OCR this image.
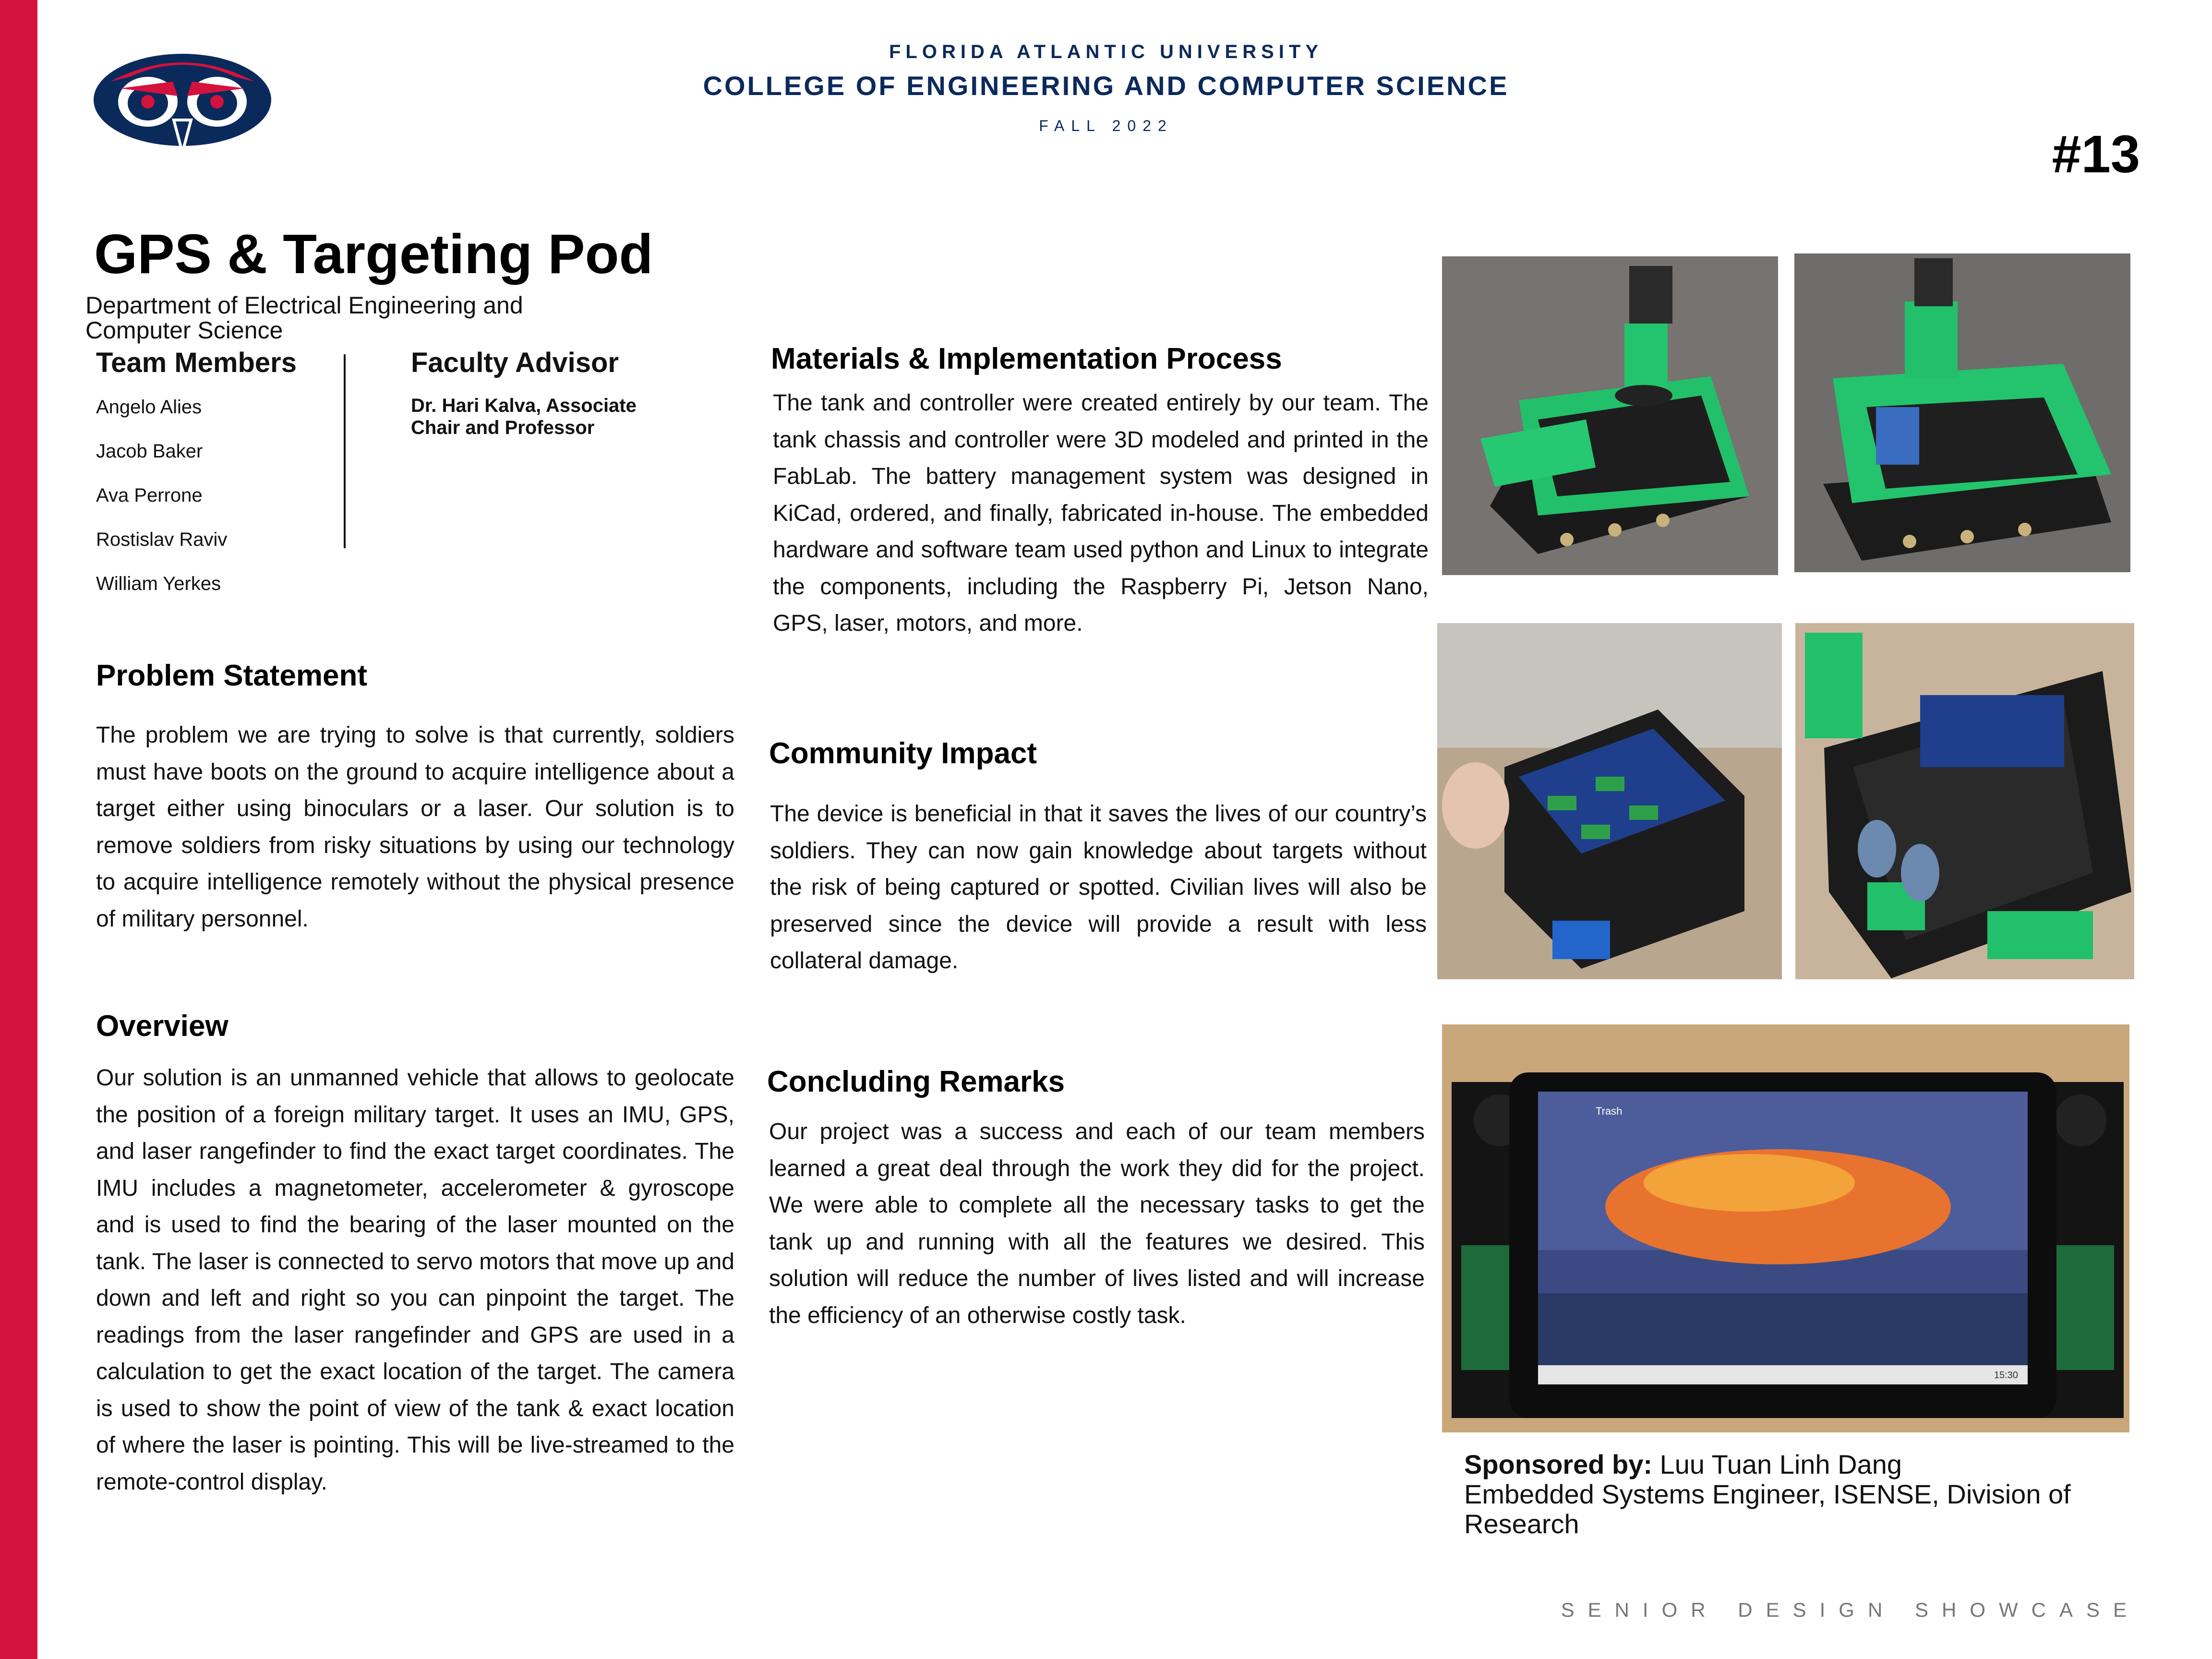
FLORIDA ATLANTIC UNIVERSITY
COLLEGE OF ENGINEERING AND COMPUTER SCIENCE
FALL 2022	#13
GPS & Targeting Pod
Department of Electrical Engineering and Computer Science
Team Members
Angelo Alies
Jacob Baker
Ava Perrone
Rostislav Raviv
William Yerkes
Faculty Advisor
Dr. Hari Kalva, Associate Chair and Professor
Problem Statement
The problem we are trying to solve is that currently, soldiers must have boots on the ground to acquire intelligence about a target either using binoculars or a laser. Our solution is to remove soldiers from risky situations by using our technology to acquire intelligence remotely without the physical presence of military personnel.
Overview
Our solution is an unmanned vehicle that allows to geolocate the position of a foreign military target. It uses an IMU, GPS, and laser rangefinder to find the exact target coordinates. The IMU includes a magnetometer, accelerometer & gyroscope and is used to find the bearing of the laser mounted on the tank. The laser is connected to servo motors that move up and down and left and right so you can pinpoint the target. The readings from the laser rangefinder and GPS are used in a calculation to get the exact location of the target. The camera is used to show the point of view of the tank & exact location of where the laser is pointing. This will be live-streamed to the remote-control display.
Materials & Implementation Process
The tank and controller were created entirely by our team. The tank chassis and controller were 3D modeled and printed in the FabLab. The battery management system was designed in KiCad, ordered, and finally, fabricated in-house. The embedded hardware and software team used python and Linux to integrate the components, including the Raspberry Pi, Jetson Nano, GPS, laser, motors, and more.
Community Impact
The device is beneficial in that it saves the lives of our country’s soldiers. They can now gain knowledge about targets without the risk of being captured or spotted. Civilian lives will also be preserved since the device will provide a result with less collateral damage.
Concluding Remarks
Our project was a success and each of our team members learned a great deal through the work they did for the project. We were able to complete all the necessary tasks to get the tank up and running with all the features we desired. This solution will reduce the number of lives listed and will increase the efficiency of an otherwise costly task.
Trash
15:30
Sponsored by: Luu Tuan Linh Dang
Embedded Systems Engineer, ISENSE, Division of Research
SENIOR DESIGN SHOWCASE
